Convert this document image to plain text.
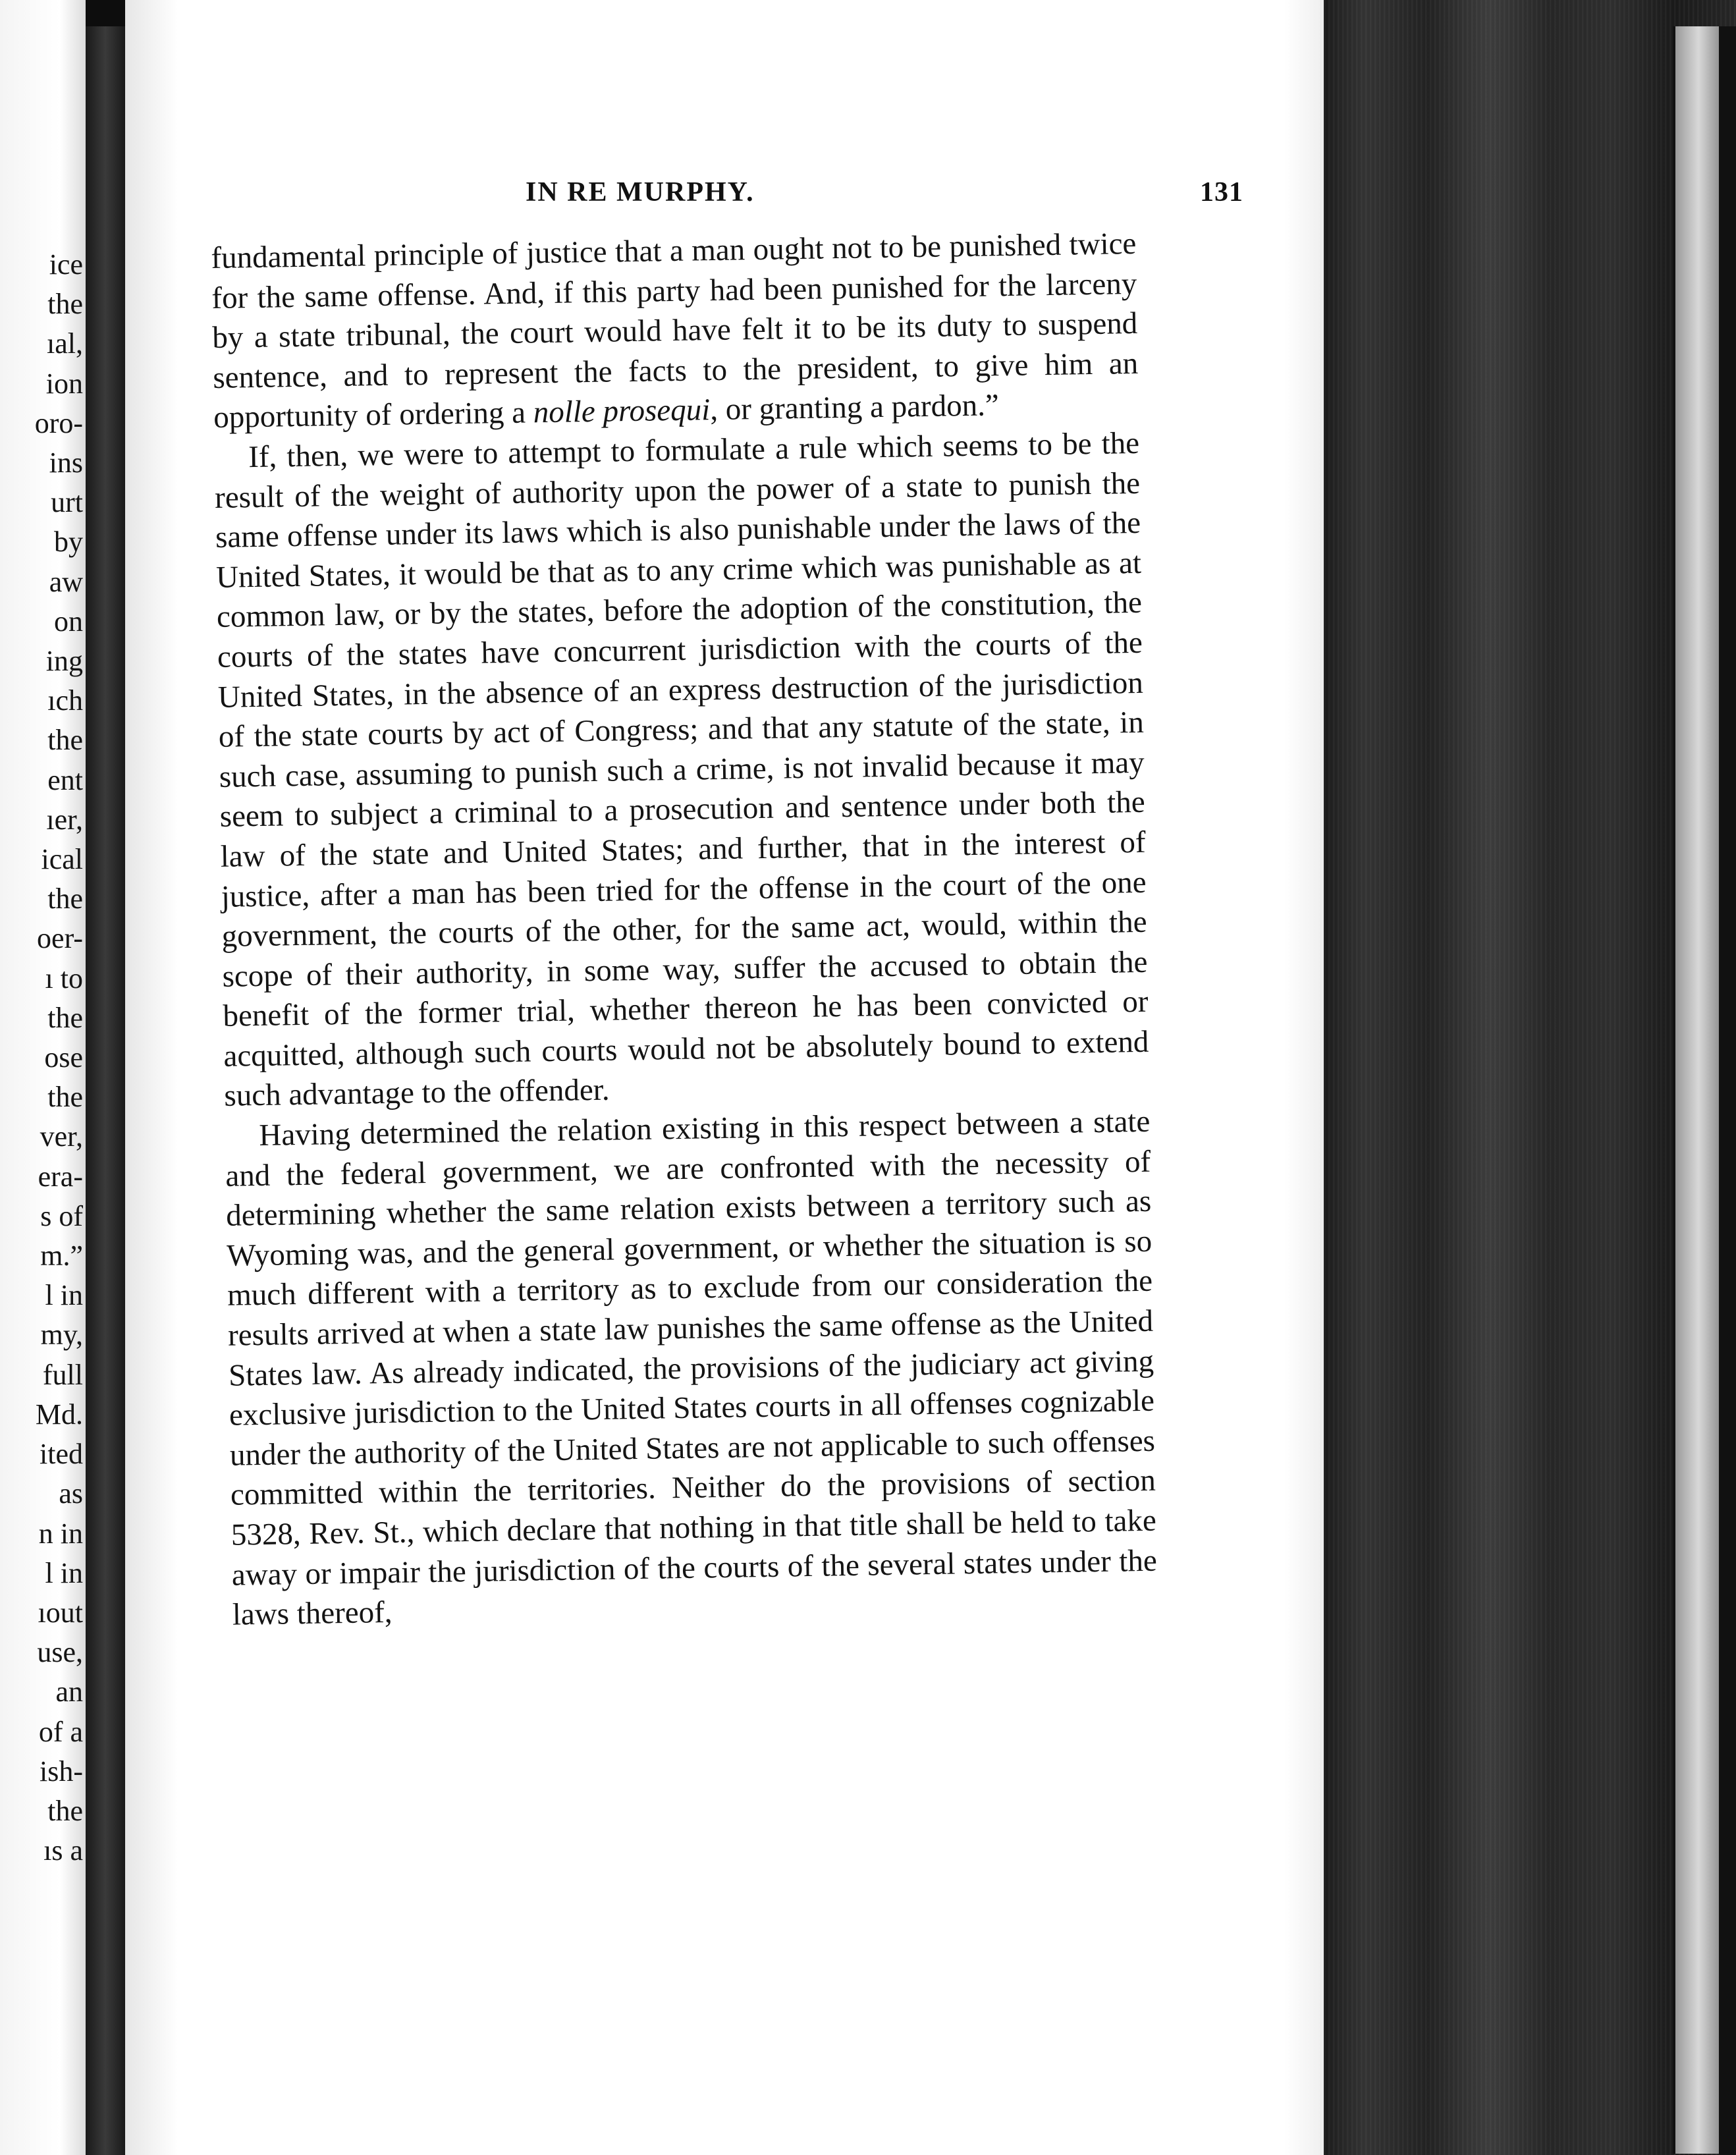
ice
the
ıal,
ion
oro-
ins
urt
by
aw
on
ing
ıch
the
ent
ıer,
ical
the
oer-
ı to
the
ose
the
ver,
era-
s of
m.”
l in
my,
full
Md.
ited
as
n in
l in
ıout
use,
an
of a
ish-
the
ıs a
IN RE MURPHY.	131

fundamental principle of justice that a man ought not to be punished twice for the same offense. And, if this party had been punished for the larceny by a state tribunal, the court would have felt it to be its duty to suspend sentence, and to represent the facts to the president, to give him an opportunity of ordering a nolle prosequi, or granting a pardon.”

If, then, we were to attempt to formulate a rule which seems to be the result of the weight of authority upon the power of a state to punish the same offense under its laws which is also punishable under the laws of the United States, it would be that as to any crime which was punishable as at common law, or by the states, before the adoption of the constitution, the courts of the states have concurrent jurisdiction with the courts of the United States, in the absence of an express destruction of the jurisdiction of the state courts by act of Congress; and that any statute of the state, in such case, assuming to punish such a crime, is not invalid because it may seem to subject a criminal to a prosecution and sentence under both the law of the state and United States; and further, that in the interest of justice, after a man has been tried for the offense in the court of the one government, the courts of the other, for the same act, would, within the scope of their authority, in some way, suffer the accused to obtain the benefit of the former trial, whether thereon he has been convicted or acquitted, although such courts would not be absolutely bound to extend such advantage to the offender.

Having determined the relation existing in this respect between a state and the federal government, we are confronted with the necessity of determining whether the same relation exists between a territory such as Wyoming was, and the general government, or whether the situation is so much different with a territory as to exclude from our consideration the results arrived at when a state law punishes the same offense as the United States law. As already indicated, the provisions of the judiciary act giving exclusive jurisdiction to the United States courts in all offenses cognizable under the authority of the United States are not applicable to such offenses committed within the territories. Neither do the provisions of section 5328, Rev. St., which declare that nothing in that title shall be held to take away or impair the jurisdiction of the courts of the several states under the laws thereof,
